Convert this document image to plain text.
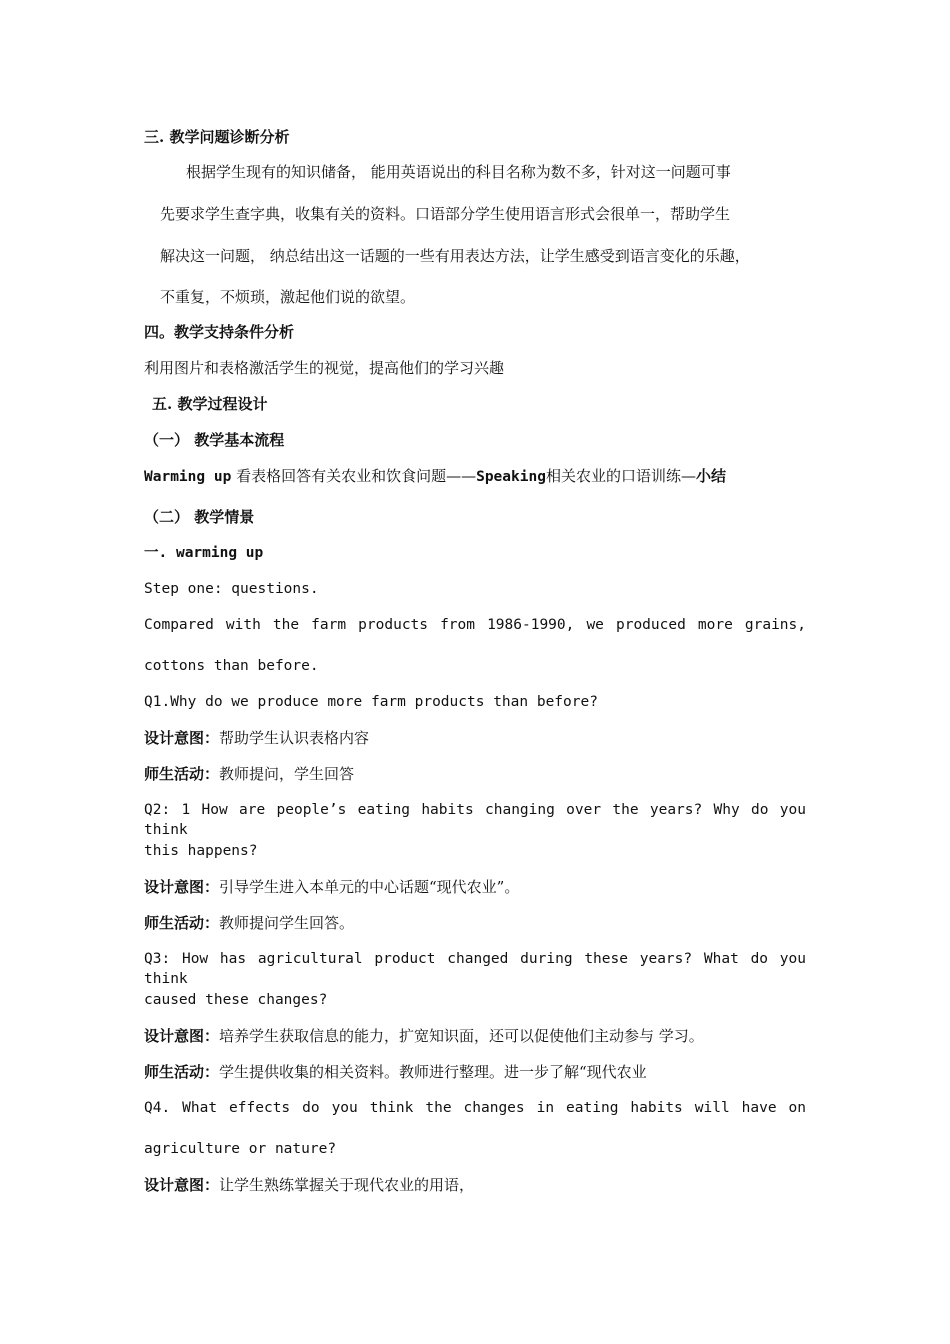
三. 教学问题诊断分析
根据学生现有的知识储备， 能用英语说出的科目名称为数不多，针对这一问题可事
先要求学生查字典，收集有关的资料。口语部分学生使用语言形式会很单一，帮助学生
解决这一问题， 纳总结出这一话题的一些有用表达方法，让学生感受到语言变化的乐趣，
不重复，不烦琐，激起他们说的欲望。
四。教学支持条件分析
利用图片和表格激活学生的视觉，提高他们的学习兴趣
五. 教学过程设计
（一） 教学基本流程
Warming up 看表格回答有关农业和饮食问题——Speaking相关农业的口语训练—小结
（二） 教学情景
一. warming up
Step one: questions.
Compared with the farm products from 1986-1990, we produced more grains,
cottons than before.
Q1.Why do we produce more farm products than before?
设计意图：帮助学生认识表格内容
师生活动：教师提问，学生回答
Q2: 1 How are people’s eating habits changing over the years? Why do you think
this happens?
设计意图：引导学生进入本单元的中心话题“现代农业”。
师生活动：教师提问学生回答。
Q3: How has agricultural product changed during these years? What do you think
caused these changes?
设计意图：培养学生获取信息的能力，扩宽知识面，还可以促使他们主动参与 学习。
师生活动：学生提供收集的相关资料。教师进行整理。进一步了解“现代农业
Q4. What effects do you think the changes in eating habits will have on
agriculture or nature?
设计意图：让学生熟练掌握关于现代农业的用语，
